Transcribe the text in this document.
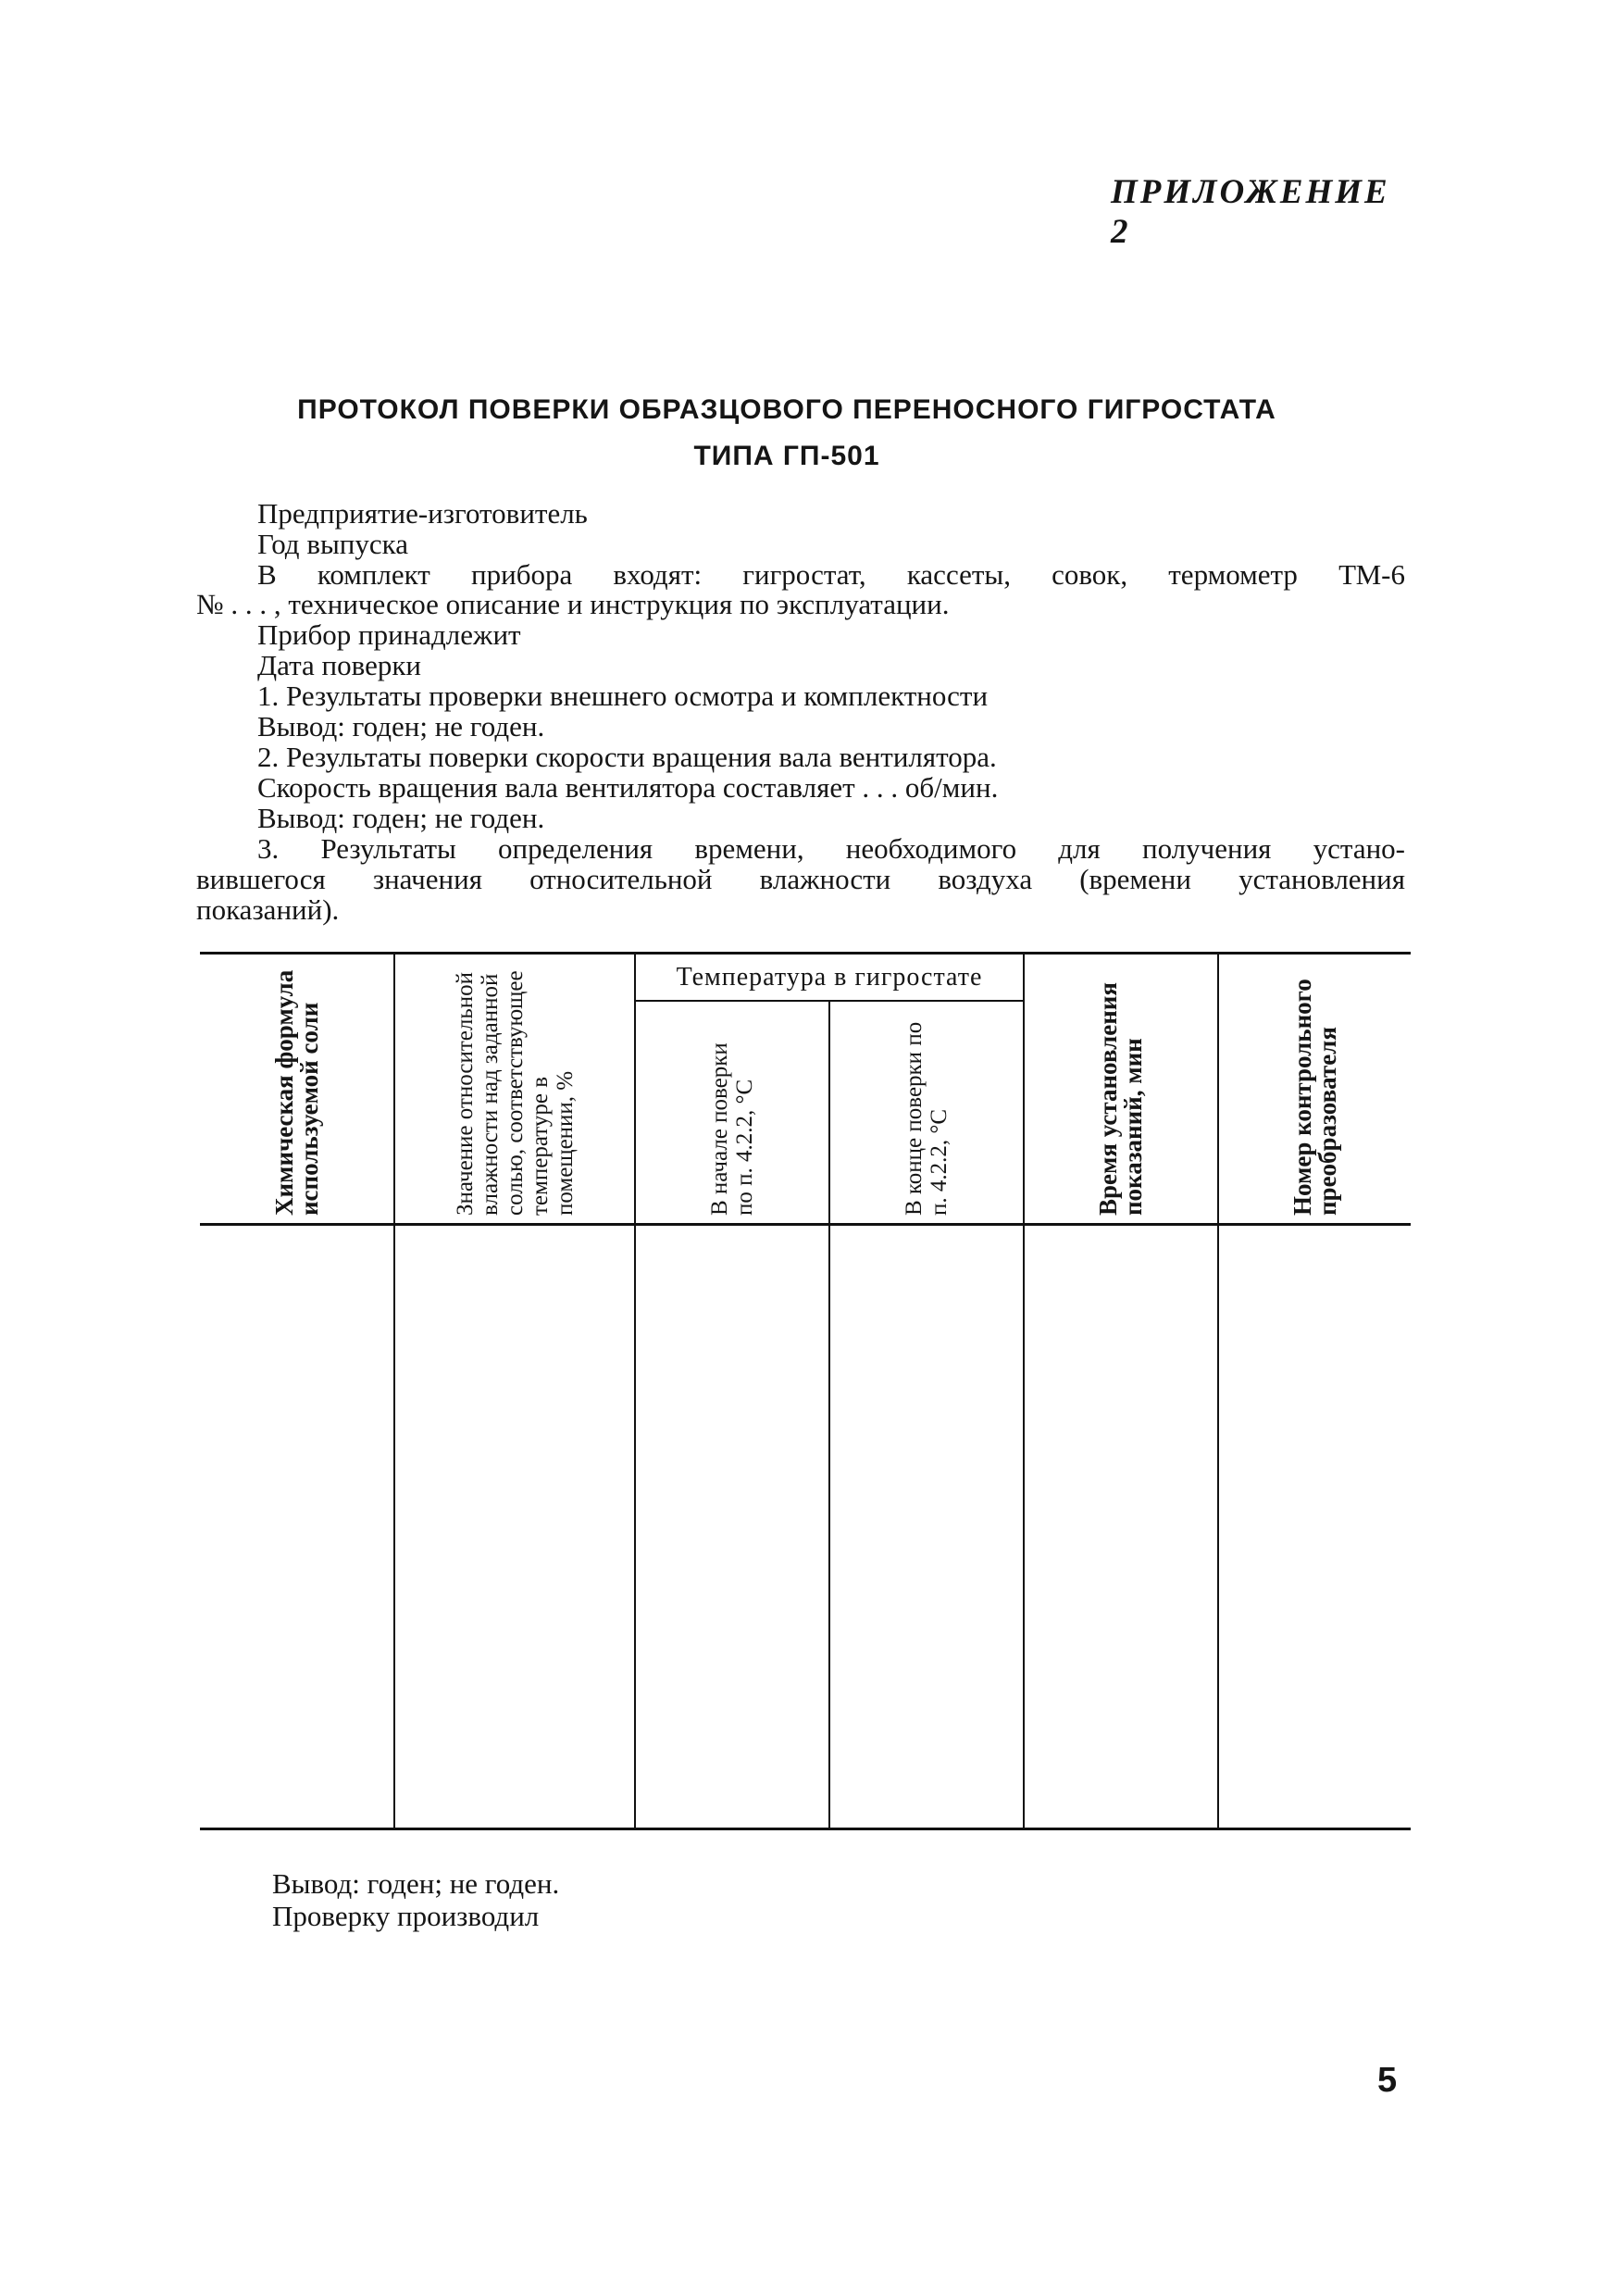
ПРИЛОЖЕНИЕ 2
ПРОТОКОЛ ПОВЕРКИ ОБРАЗЦОВОГО ПЕРЕНОСНОГО ГИГРОСТАТА
ТИПА ГП-501
Предприятие-изготовитель
Год выпуска
В комплект прибора входят: гигростат, кассеты, совок, термометр ТМ-6
№ . . . , техническое описание и инструкция по эксплуатации.
Прибор принадлежит
Дата поверки
1. Результаты проверки внешнего осмотра и комплектности
Вывод: годен; не годен.
2. Результаты поверки скорости вращения вала вентилятора.
Скорость вращения вала вентилятора составляет . . . об/мин.
Вывод: годен; не годен.
3. Результаты определения времени, необходимого для получения устано-
вившегося значения относительной влажности воздуха (времени установления
показаний).
Химическая формула используемой соли	Значение относительной влажности над заданной солью, соответствующее температуре в помещении, %	Температура в гигростате		Время установления показаний, мин	Номер контрольного преобразователя

		В начале поверки по п. 4.2.2, °С	В конце поверки по п. 4.2.2, °С		

Вывод: годен; не годен.
Проверку производил
5
